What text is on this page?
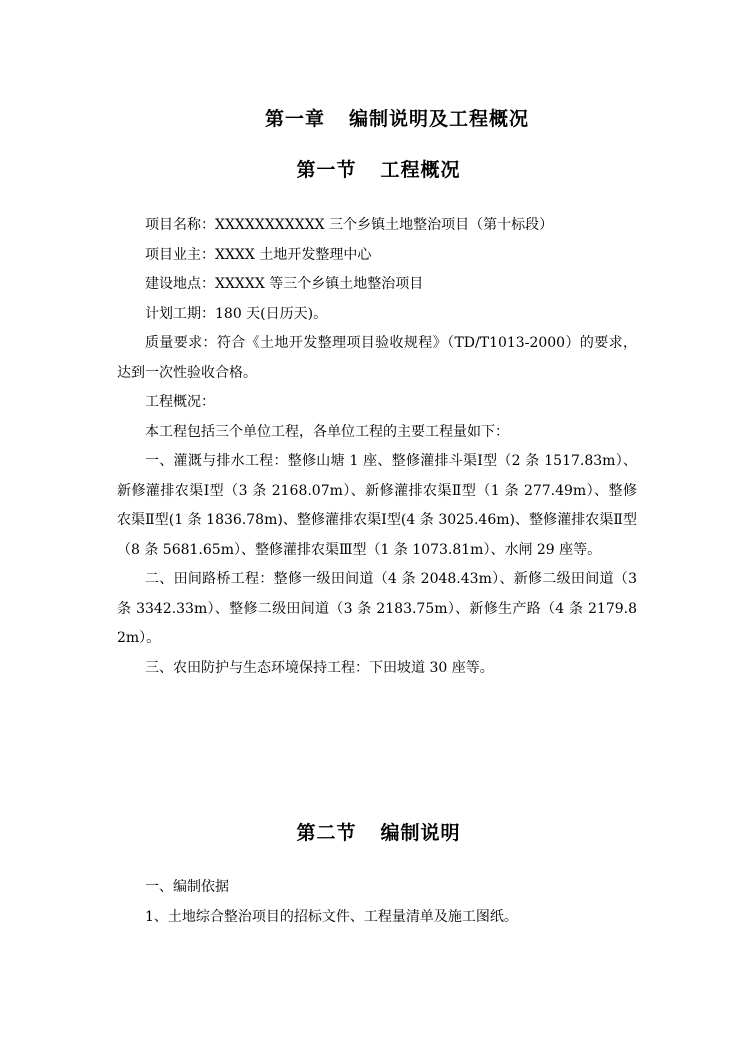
第一章 编制说明及工程概况
第一节 工程概况

项目名称：XXXXXXXXXXX 三个乡镇土地整治项目（第十标段）

项目业主：XXXX 土地开发整理中心

建设地点：XXXXX 等三个乡镇土地整治项目

计划工期：180 天(日历天)。

质量要求：符合《土地开发整理项目验收规程》（TD/T1013-2000）的要求，达到一次性验收合格。

工程概况：

本工程包括三个单位工程，各单位工程的主要工程量如下：

一、灌溉与排水工程：整修山塘 1 座、整修灌排斗渠Ⅰ型（2 条 1517.83m）、新修灌排农渠Ⅰ型（3 条 2168.07m）、新修灌排农渠Ⅱ型（1 条 277.49m）、整修农渠Ⅱ型(1 条 1836.78m)、整修灌排农渠Ⅰ型(4 条 3025.46m)、整修灌排农渠Ⅱ型（8 条 5681.65m）、整修灌排农渠Ⅲ型（1 条 1073.81m）、水闸 29 座等。

二、田间路桥工程：整修一级田间道（4 条 2048.43m）、新修二级田间道（3 条 3342.33m）、整修二级田间道（3 条 2183.75m）、新修生产路（4 条 2179.82m）。

三、农田防护与生态环境保持工程：下田坡道 30 座等。

第二节 编制说明

一、编制依据

1、土地综合整治项目的招标文件、工程量清单及施工图纸。
